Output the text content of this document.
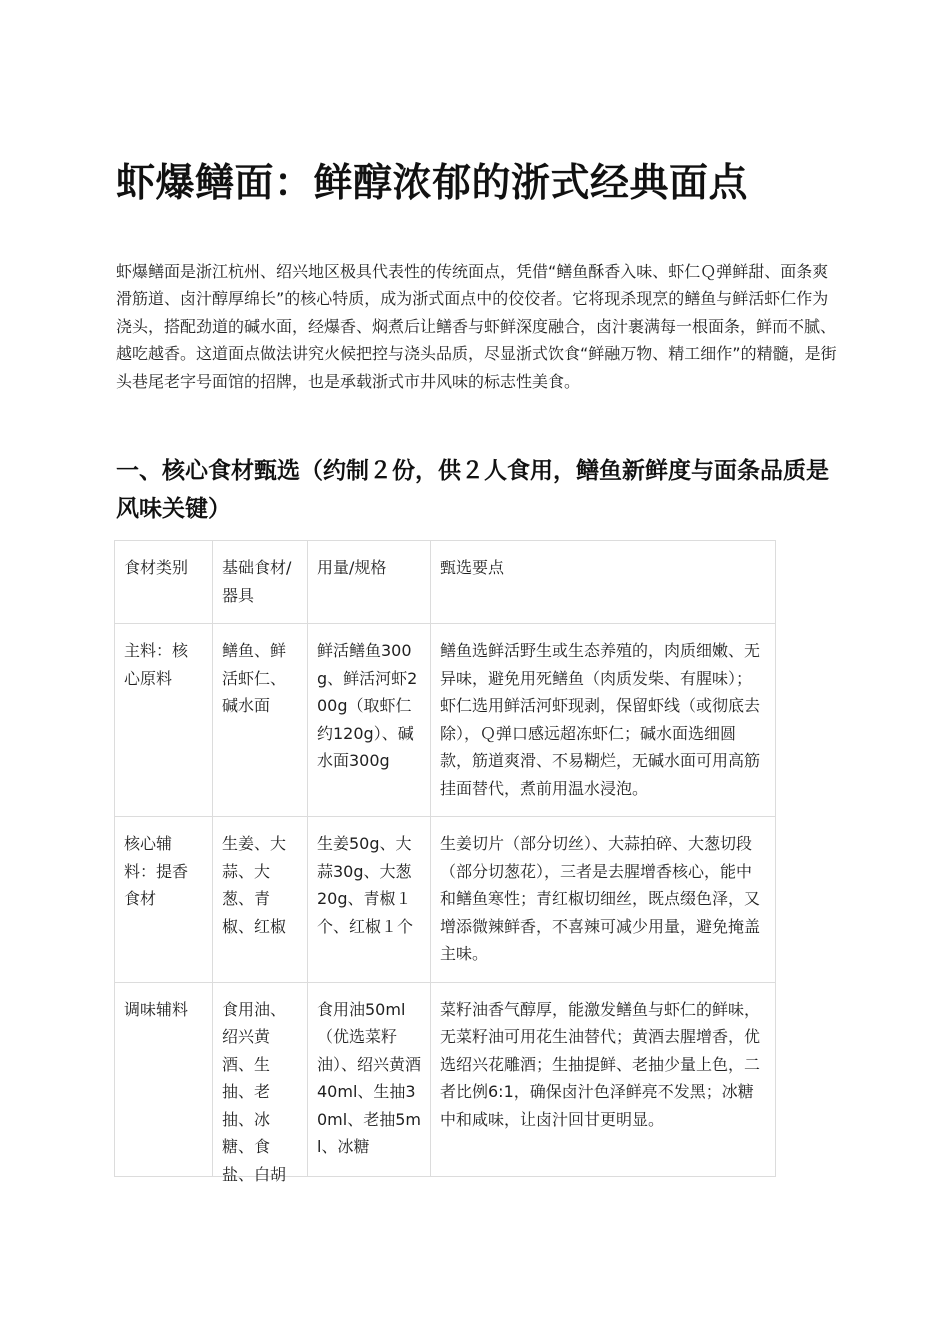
虾爆鳝面：鲜醇浓郁的浙式经典面点

虾爆鳝面是浙江杭州、绍兴地区极具代表性的传统面点，凭借“鳝鱼酥香入味、虾仁Ｑ弹鲜甜、面条爽滑筋道、卤汁醇厚绵长”的核心特质，成为浙式面点中的佼佼者。它将现杀现烹的鳝鱼与鲜活虾仁作为浇头，搭配劲道的碱水面，经爆香、焖煮后让鳝香与虾鲜深度融合，卤汁裹满每一根面条，鲜而不腻、越吃越香。这道面点做法讲究火候把控与浇头品质，尽显浙式饮食“鲜融万物、精工细作”的精髓，是街头巷尾老字号面馆的招牌，也是承载浙式市井风味的标志性美食。

一、核心食材甄选（约制２份，供２人食用，鳝鱼新鲜度与面条品质是风味关键）
食材类别	基础食材/器具	用量/规格	甄选要点
主料：核心原料	鳝鱼、鲜活虾仁、碱水面	鲜活鳝鱼300g、鲜活河虾200g（取虾仁约120g）、碱水面300g	鳝鱼选鲜活野生或生态养殖的，肉质细嫩、无异味，避免用死鳝鱼（肉质发柴、有腥味）；虾仁选用鲜活河虾现剥，保留虾线（或彻底去除），Ｑ弹口感远超冻虾仁；碱水面选细圆款，筋道爽滑、不易糊烂，无碱水面可用高筋挂面替代，煮前用温水浸泡。
核心辅料：提香食材	生姜、大蒜、大葱、青椒、红椒	生姜50g、大蒜30g、大葱20g、青椒１个、红椒１个	生姜切片（部分切丝）、大蒜拍碎、大葱切段（部分切葱花），三者是去腥增香核心，能中和鳝鱼寒性；青红椒切细丝，既点缀色泽，又增添微辣鲜香，不喜辣可减少用量，避免掩盖主味。

调味辅料	食用油、绍兴黄酒、生抽、老抽、冰糖、食盐、白胡	食用油50ml（优选菜籽油）、绍兴黄酒40ml、生抽30ml、老抽5ml、冰糖	菜籽油香气醇厚，能激发鳝鱼与虾仁的鲜味，无菜籽油可用花生油替代；黄酒去腥增香，优选绍兴花雕酒；生抽提鲜、老抽少量上色，二者比例6:1，确保卤汁色泽鲜亮不发黑；冰糖中和咸味，让卤汁回甘更明显。
